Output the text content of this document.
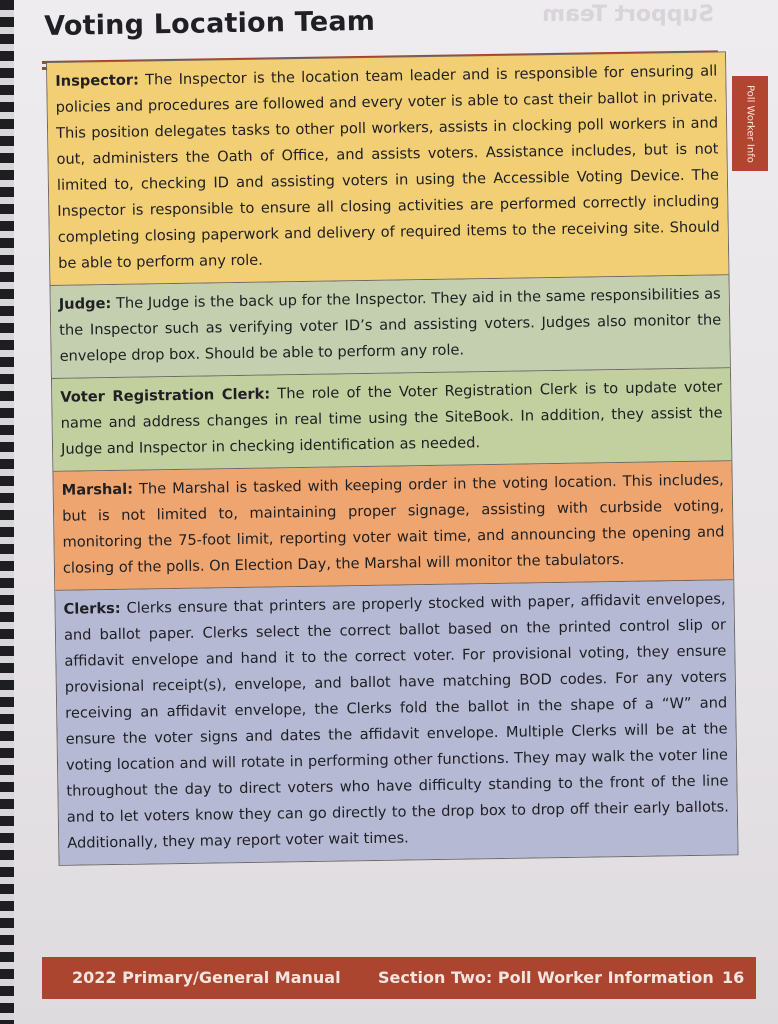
Support Team
Voting Location Team
Poll Worker Info
Inspector: The Inspector is the location team leader and is responsible for ensuring all policies and procedures are followed and every voter is able to cast their ballot in private. This position delegates tasks to other poll workers, assists in clocking poll workers in and out, administers the Oath of Office, and assists voters. Assistance includes, but is not limited to, checking ID and assisting voters in using the Accessible Voting Device. The Inspector is responsible to ensure all closing activities are performed correctly including completing closing paperwork and delivery of required items to the receiving site. Should be able to perform any role.
Judge: The Judge is the back up for the Inspector. They aid in the same responsibilities as the Inspector such as verifying voter ID’s and assisting voters. Judges also monitor the envelope drop box. Should be able to perform any role.
Voter Registration Clerk: The role of the Voter Registration Clerk is to update voter name and address changes in real time using the SiteBook. In addition, they assist the Judge and Inspector in checking identification as needed.
Marshal: The Marshal is tasked with keeping order in the voting location. This includes, but is not limited to, maintaining proper signage, assisting with curbside voting, monitoring the 75-foot limit, reporting voter wait time, and announcing the opening and closing of the polls. On Election Day, the Marshal will monitor the tabulators.
Clerks: Clerks ensure that printers are properly stocked with paper, affidavit envelopes, and ballot paper. Clerks select the correct ballot based on the printed control slip or affidavit envelope and hand it to the correct voter. For provisional voting, they ensure provisional receipt(s), envelope, and ballot have matching BOD codes. For any voters receiving an affidavit envelope, the Clerks fold the ballot in the shape of a “W” and ensure the voter signs and dates the affidavit envelope. Multiple Clerks will be at the voting location and will rotate in performing other functions. They may walk the voter line throughout the day to direct voters who have difficulty standing to the front of the line and to let voters know they can go directly to the drop box to drop off their early ballots. Additionally, they may report voter wait times.
2022 Primary/General Manual Section Two: Poll Worker Information 16
